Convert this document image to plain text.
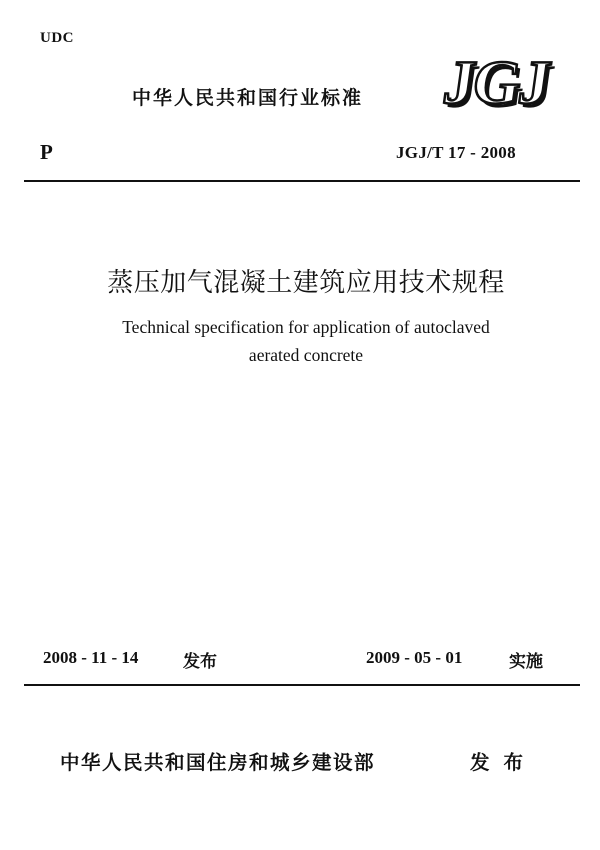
UDC
中华人民共和国行业标准 JGJ
P	JGJ/T 17 - 2008
蒸压加气混凝土建筑应用技术规程
Technical specification for application of autoclaved
aerated concrete
2008 - 11 - 14	发布	2009 - 05 - 01	实施
中华人民共和国住房和城乡建设部	发布
